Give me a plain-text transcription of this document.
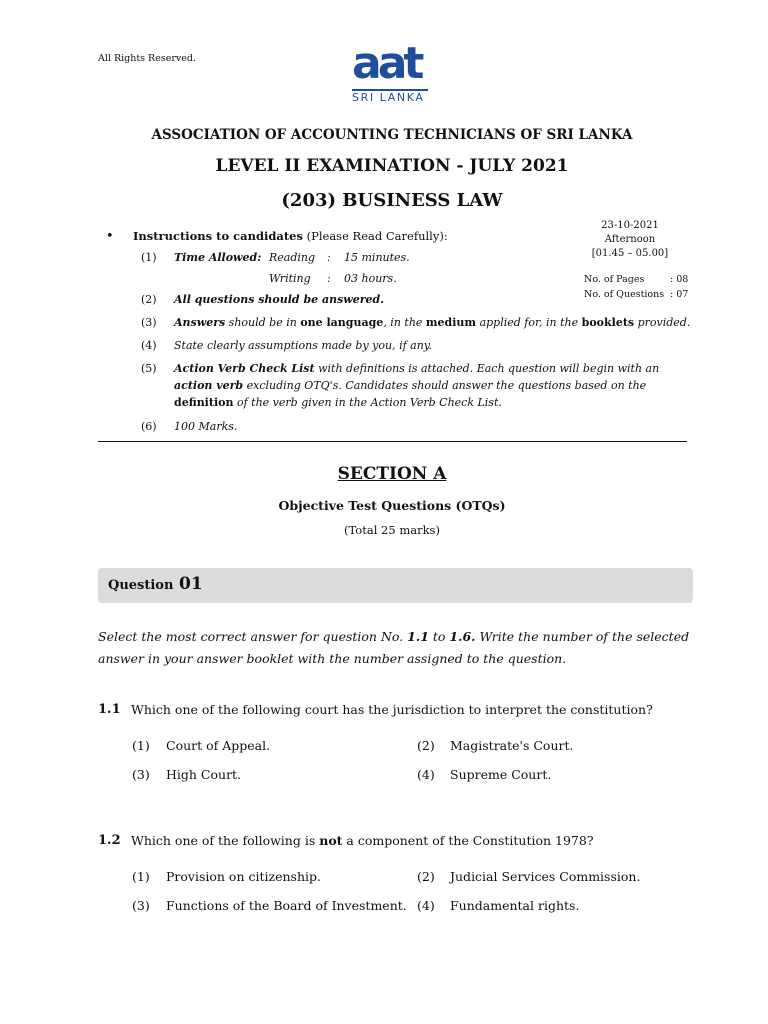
All Rights Reserved.	aat
SRI LANKA
ASSOCIATION OF ACCOUNTING TECHNICIANS OF SRI LANKA
LEVEL II EXAMINATION - JULY 2021
(203) BUSINESS LAW
23-10-2021
Afternoon
[01.45 – 05.00]
No. of Pages	: 08
No. of Questions	: 07
• Instructions to candidates (Please Read Carefully):
(1) Time Allowed: Reading	:	15 minutes.
Writing	:	03 hours.
(2) All questions should be answered.
(3) Answers should be in one language, in the medium applied for, in the booklets provided.
(4) State clearly assumptions made by you, if any.
(5) Action Verb Check List with definitions is attached. Each question will begin with an action verb excluding OTQ's. Candidates should answer the questions based on the definition of the verb given in the Action Verb Check List.
(6) 100 Marks.
SECTION A
Objective Test Questions (OTQs)
(Total 25 marks)
Question 01
Select the most correct answer for question No. 1.1 to 1.6. Write the number of the selected answer in your answer booklet with the number assigned to the question.
1.1 Which one of the following court has the jurisdiction to interpret the constitution?
(1) Court of Appeal.	(2) Magistrate's Court.
(3) High Court.	(4) Supreme Court.
1.2 Which one of the following is not a component of the Constitution 1978?
(1) Provision on citizenship.	(2) Judicial Services Commission.
(3) Functions of the Board of Investment. (4) Fundamental rights.
